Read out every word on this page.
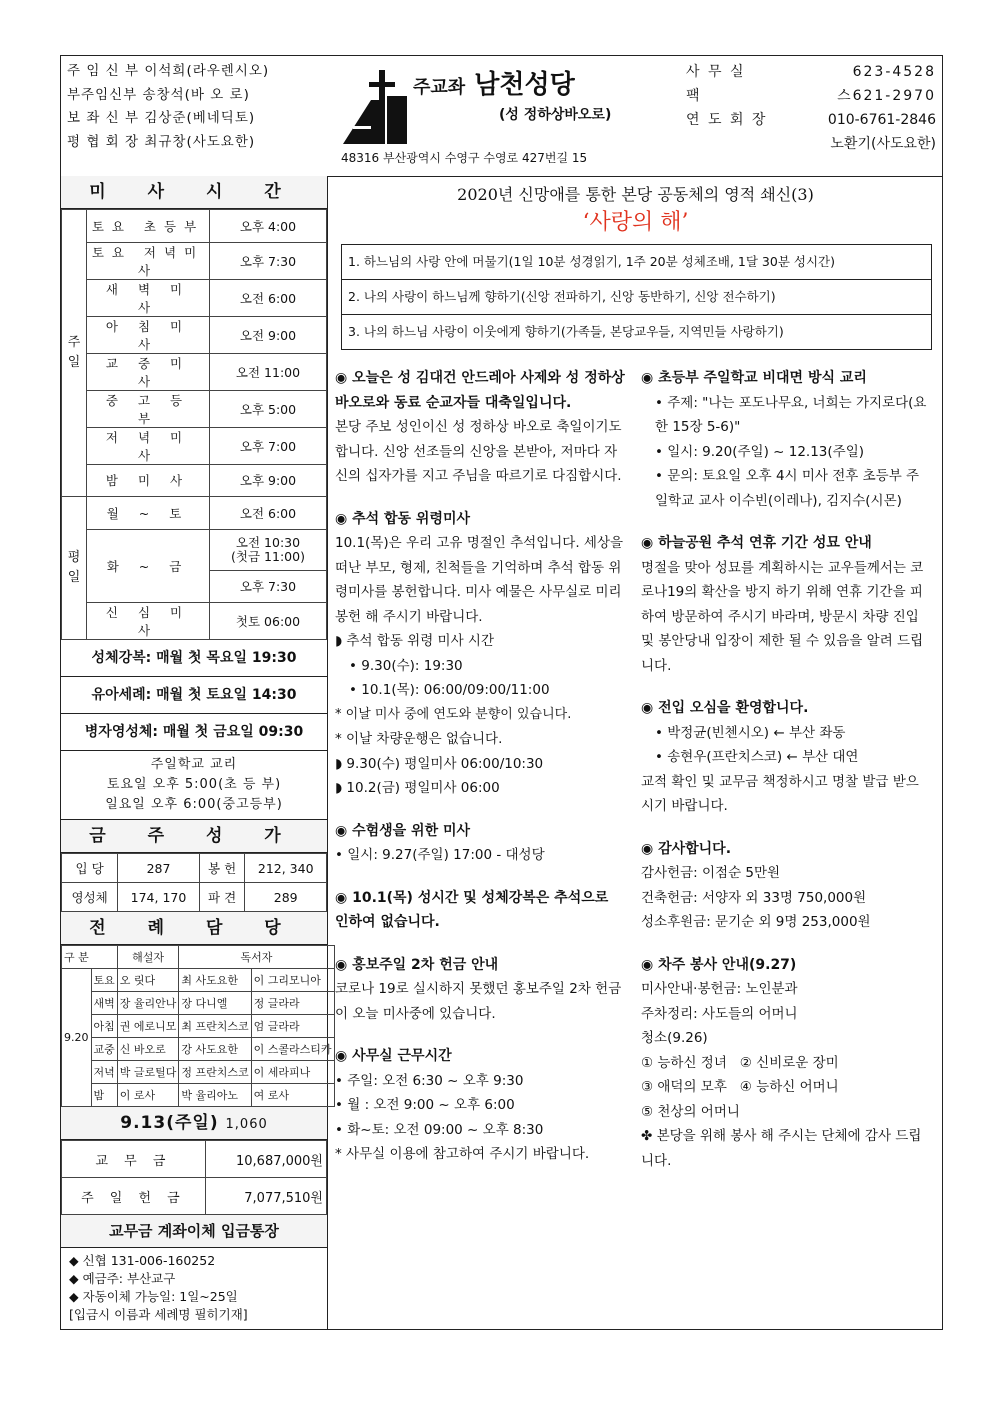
주 임 신 부 이석희(라우렌시오)
부주임신부 송창석(바 오 로)
보 좌 신 부 김상준(베네딕토)
평 협 회 장 최규창(사도요한)
주교좌 남천성당
(성 정하상바오로)
48316 부산광역시 수영구 수영로 427번길 15
사 무 실	623-4528
팩	스621-2970
연 도 회 장	010-6761-2846
노환기(사도요한)
미 사 시 간
주일	토요 초등부	오후 4:00
	토요 저녁미사	오후 7:30
	새 벽 미 사	오전 6:00
	아 침 미 사	오전 9:00
	교 중 미 사	오전 11:00
	중 고 등 부	오후 5:00
	저 녁 미 사	오후 7:00
	밤 미 사	오후 9:00
평일	월 ~ 토	오전 6:00
	화 ~ 금	오전 10:30
(첫금 11:00)
		오후 7:30
	신 심 미 사	첫토 06:00
성체강복: 매월 첫 목요일 19:30
유아세례: 매월 첫 토요일 14:30
병자영성체: 매월 첫 금요일 09:30
주일학교 교리
토요일 오후 5:00(초 등 부)
일요일 오후 6:00(중고등부)
금 주 성 가
입 당	287	봉 헌	212, 340
영성체	174, 170	파 견	289
전 례 담 당
구 분		해설자	독서자	
9.20	토요	오 릿다	최 사도요한	이 그리모니아
	새벽	장 율리안나	장 다니엘	정 글라라
	아침	권 에로니모	최 프란치스코	엄 글라라
	교중	신 바오로	강 사도요한	이 스콜라스티카
	저녁	박 글로틸다	정 프란치스코	이 세라피나
	밤	이 로사	박 율리아노	여 로사
9.13(주일) 1,060
교 무 금	10,687,000원
주 일 헌 금	7,077,510원
교무금 계좌이체 입금통장
◆ 신협 131-006-160252
◆ 예금주: 부산교구
◆ 자동이체 가능일: 1일~25일
[입금시 이름과 세례명 필히기재]
2020년 신망애를 통한 본당 공동체의 영적 쇄신(3)
‘사랑의 해’
1. 하느님의 사랑 안에 머물기(1일 10분 성경읽기, 1주 20분 성체조배, 1달 30분 성시간)
2. 나의 사랑이 하느님께 향하기(신앙 전파하기, 신앙 동반하기, 신앙 전수하기)
3. 나의 하느님 사랑이 이웃에게 향하기(가족들, 본당교우들, 지역민들 사랑하기)
◉ 오늘은 성 김대건 안드레아 사제와 성 정하상 바오로와 동료 순교자들 대축일입니다.
본당 주보 성인이신 성 정하상 바오로 축일이기도 합니다. 신앙 선조들의 신앙을 본받아, 저마다 자신의 십자가를 지고 주님을 따르기로 다짐합시다.
◉ 추석 합동 위령미사
10.1(목)은 우리 고유 명절인 추석입니다. 세상을 떠난 부모, 형제, 친척들을 기억하며 추석 합동 위령미사를 봉헌합니다. 미사 예물은 사무실로 미리 봉헌 해 주시기 바랍니다.
◗ 추석 합동 위령 미사 시간
• 9.30(수): 19:30
• 10.1(목): 06:00/09:00/11:00
* 이날 미사 중에 연도와 분향이 있습니다.
* 이날 차량운행은 없습니다.
◗ 9.30(수) 평일미사 06:00/10:30
◗ 10.2(금) 평일미사 06:00
◉ 수험생을 위한 미사
• 일시: 9.27(주일) 17:00 - 대성당
◉ 10.1(목) 성시간 및 성체강복은 추석으로 인하여 없습니다.
◉ 홍보주일 2차 헌금 안내
코로나 19로 실시하지 못했던 홍보주일 2차 헌금이 오늘 미사중에 있습니다.
◉ 사무실 근무시간
• 주일: 오전 6:30 ~ 오후 9:30
• 월 : 오전 9:00 ~ 오후 6:00
• 화~토: 오전 09:00 ~ 오후 8:30
* 사무실 이용에 참고하여 주시기 바랍니다.
◉ 초등부 주일학교 비대면 방식 교리
• 주제: "나는 포도나무요, 너희는 가지로다(요한 15장 5-6)"
• 일시: 9.20(주일) ~ 12.13(주일)
• 문의: 토요일 오후 4시 미사 전후 초등부 주일학교 교사 이수빈(이레나), 김지수(시몬)
◉ 하늘공원 추석 연휴 기간 성묘 안내
명절을 맞아 성묘를 계획하시는 교우들께서는 코로나19의 확산을 방지 하기 위해 연휴 기간을 피하여 방문하여 주시기 바라며, 방문시 차량 진입 및 봉안당내 입장이 제한 될 수 있음을 알려 드립니다.
◉ 전입 오심을 환영합니다.
• 박정균(빈첸시오) ← 부산 좌동
• 송현우(프란치스코) ← 부산 대연
교적 확인 및 교무금 책정하시고 명찰 발급 받으시기 바랍니다.
◉ 감사합니다.
감사헌금: 이점순 5만원
건축헌금: 서양자 외 33명 750,000원
성소후원금: 문기순 외 9명 253,000원
◉ 차주 봉사 안내(9.27)
미사안내·봉헌금: 노인분과
주차정리: 사도들의 어머니
청소(9.26)
① 능하신 정녀   ② 신비로운 장미
③ 애덕의 모후   ④ 능하신 어머니
⑤ 천상의 어머니
✤ 본당을 위해 봉사 해 주시는 단체에 감사 드립니다.
